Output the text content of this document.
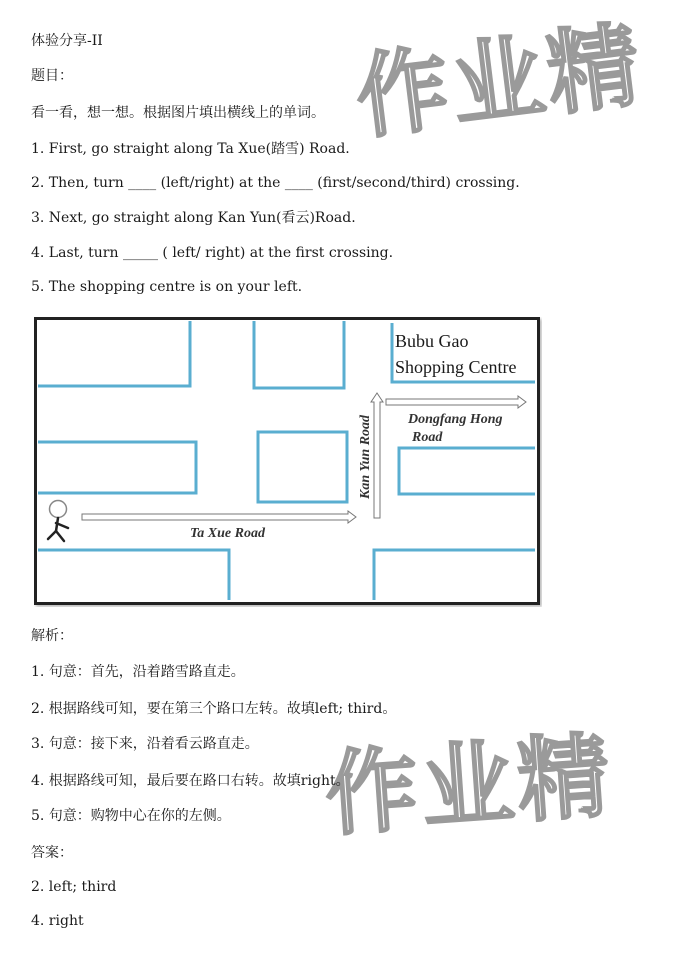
作业精
作业精
体验分享-II
题目：
看一看，想一想。根据图片填出横线上的单词。
1. First, go straight along Ta Xue(踏雪) Road.
2. Then, turn ____ (left/right) at the ____ (first/second/third) crossing.
3. Next, go straight along Kan Yun(看云)Road.
4. Last, turn _____ ( left/ right) at the first crossing.
5. The shopping centre is on your left.
Bubu Gao
Shopping Centre
Dongfang Hong
Road
Kan Yun Road
Ta Xue Road
解析：
1. 句意：首先，沿着踏雪路直走。
2. 根据路线可知，要在第三个路口左转。故填left; third。
3. 句意：接下来，沿着看云路直走。
4. 根据路线可知，最后要在路口右转。故填right。
5. 句意：购物中心在你的左侧。
答案：
2. left; third
4. right
